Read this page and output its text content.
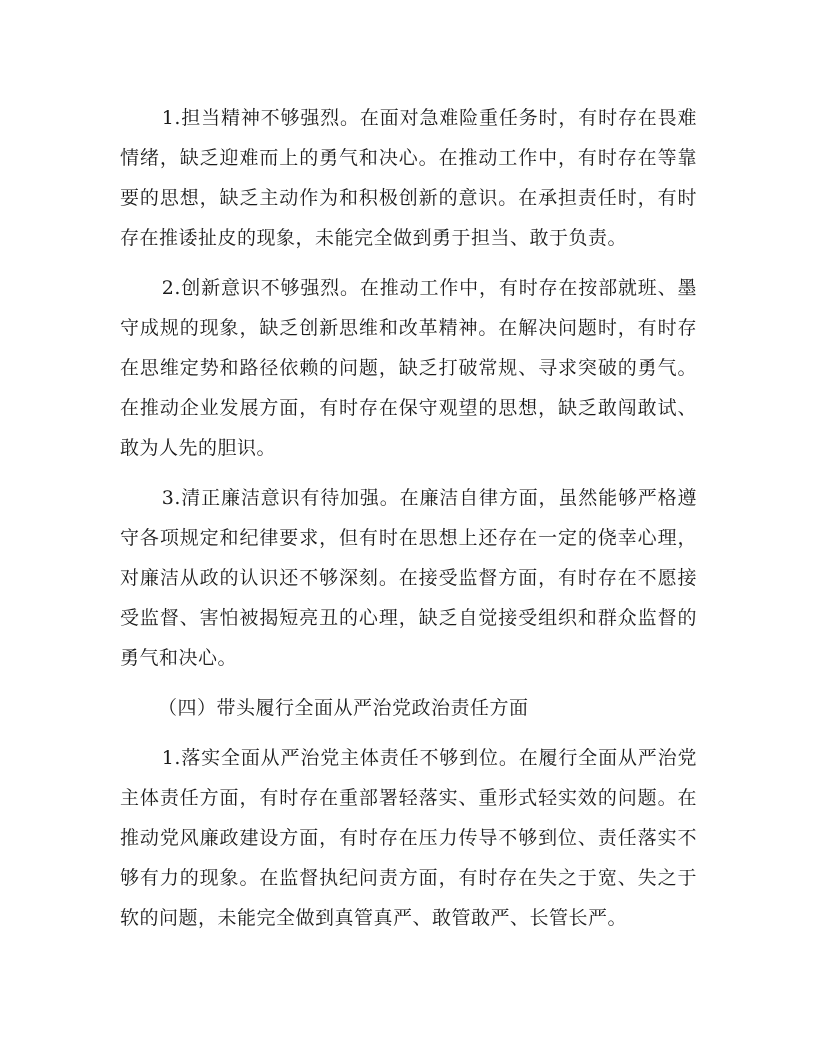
1.担当精神不够强烈。在面对急难险重任务时，有时存在畏难情绪，缺乏迎难而上的勇气和决心。在推动工作中，有时存在等靠要的思想，缺乏主动作为和积极创新的意识。在承担责任时，有时存在推诿扯皮的现象，未能完全做到勇于担当、敢于负责。

2.创新意识不够强烈。在推动工作中，有时存在按部就班、墨守成规的现象，缺乏创新思维和改革精神。在解决问题时，有时存在思维定势和路径依赖的问题，缺乏打破常规、寻求突破的勇气。在推动企业发展方面，有时存在保守观望的思想，缺乏敢闯敢试、敢为人先的胆识。

3.清正廉洁意识有待加强。在廉洁自律方面，虽然能够严格遵守各项规定和纪律要求，但有时在思想上还存在一定的侥幸心理，对廉洁从政的认识还不够深刻。在接受监督方面，有时存在不愿接受监督、害怕被揭短亮丑的心理，缺乏自觉接受组织和群众监督的勇气和决心。

（四）带头履行全面从严治党政治责任方面

1.落实全面从严治党主体责任不够到位。在履行全面从严治党主体责任方面，有时存在重部署轻落实、重形式轻实效的问题。在推动党风廉政建设方面，有时存在压力传导不够到位、责任落实不够有力的现象。在监督执纪问责方面，有时存在失之于宽、失之于软的问题，未能完全做到真管真严、敢管敢严、长管长严。
